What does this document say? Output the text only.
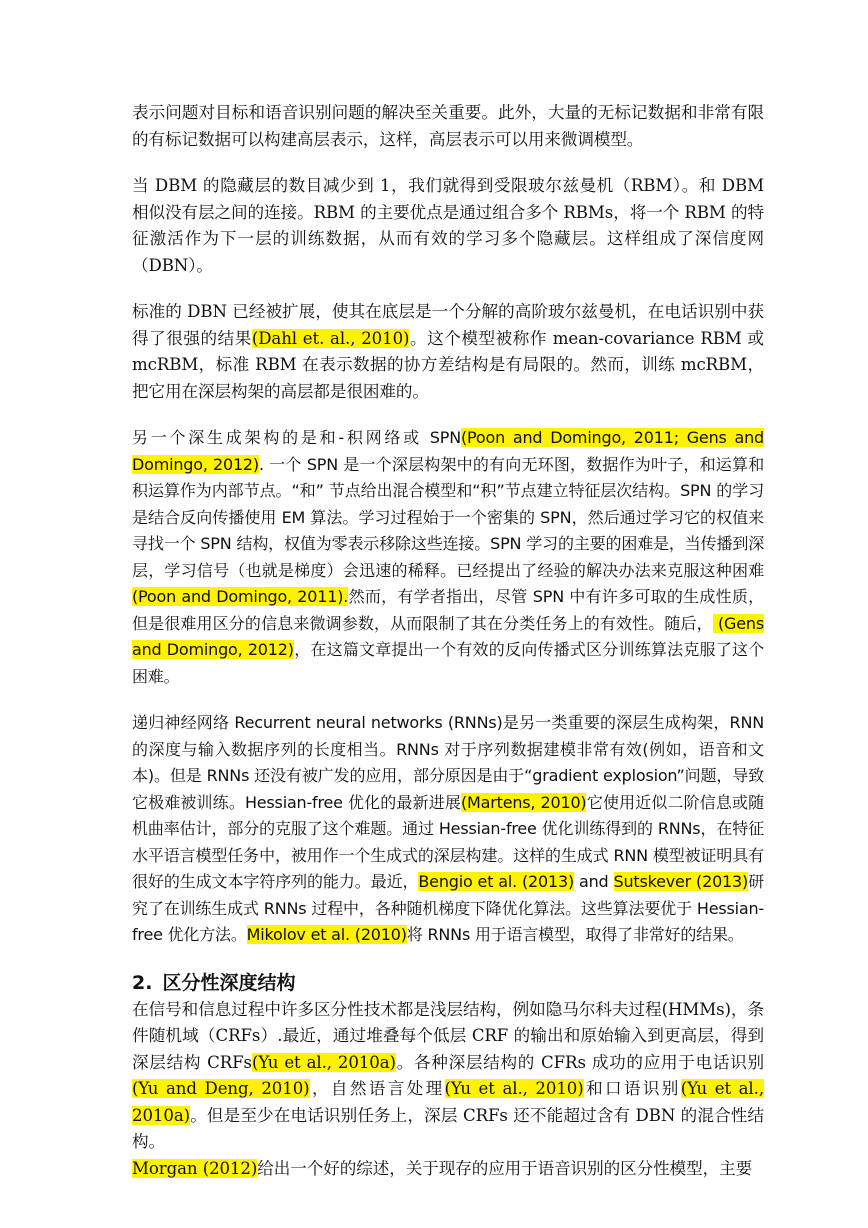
表示问题对目标和语音识别问题的解决至关重要。此外，大量的无标记数据和非常有限的有标记数据可以构建高层表示，这样，高层表示可以用来微调模型。

当 DBM 的隐藏层的数目减少到 1，我们就得到受限玻尔兹曼机（RBM）。和 DBM 相似没有层之间的连接。RBM 的主要优点是通过组合多个 RBMs，将一个 RBM 的特征激活作为下一层的训练数据，从而有效的学习多个隐藏层。这样组成了深信度网（DBN）。

标准的 DBN 已经被扩展，使其在底层是一个分解的高阶玻尔兹曼机，在电话识别中获得了很强的结果(Dahl et. al., 2010)。这个模型被称作 mean-covariance RBM 或 mcRBM，标准 RBM 在表示数据的协方差结构是有局限的。然而，训练 mcRBM，把它用在深层构架的高层都是很困难的。

另一个深生成架构的是和-积网络或 SPN(Poon and Domingo, 2011; Gens and Domingo, 2012). 一个 SPN 是一个深层构架中的有向无环图，数据作为叶子，和运算和积运算作为内部节点。“和” 节点给出混合模型和“积”节点建立特征层次结构。SPN 的学习是结合反向传播使用 EM 算法。学习过程始于一个密集的 SPN，然后通过学习它的权值来寻找一个 SPN 结构，权值为零表示移除这些连接。SPN 学习的主要的困难是，当传播到深层，学习信号（也就是梯度）会迅速的稀释。已经提出了经验的解决办法来克服这种困难(Poon and Domingo, 2011).然而，有学者指出，尽管 SPN 中有许多可取的生成性质，但是很难用区分的信息来微调参数，从而限制了其在分类任务上的有效性。随后， (Gens and Domingo, 2012)，在这篇文章提出一个有效的反向传播式区分训练算法克服了这个困难。

递归神经网络 Recurrent neural networks (RNNs)是另一类重要的深层生成构架，RNN 的深度与输入数据序列的长度相当。RNNs 对于序列数据建模非常有效(例如，语音和文本)。但是 RNNs 还没有被广发的应用，部分原因是由于“gradient explosion”问题，导致它极难被训练。Hessian-free 优化的最新进展(Martens, 2010)它使用近似二阶信息或随机曲率估计，部分的克服了这个难题。通过 Hessian-free 优化训练得到的 RNNs，在特征水平语言模型任务中，被用作一个生成式的深层构建。这样的生成式 RNN 模型被证明具有很好的生成文本字符序列的能力。最近，Bengio et al. (2013) and Sutskever (2013)研究了在训练生成式 RNNs 过程中，各种随机梯度下降优化算法。这些算法要优于 Hessian-free 优化方法。Mikolov et al. (2010)将 RNNs 用于语言模型，取得了非常好的结果。

2. 区分性深度结构

在信号和信息过程中许多区分性技术都是浅层结构，例如隐马尔科夫过程(HMMs)，条件随机域（CRFs）.最近，通过堆叠每个低层 CRF 的输出和原始输入到更高层，得到深层结构 CRFs(Yu et al., 2010a)。各种深层结构的 CFRs 成功的应用于电话识别(Yu and Deng, 2010)，自然语言处理(Yu et al., 2010)和口语识别(Yu et al., 2010a)。但是至少在电话识别任务上，深层 CRFs 还不能超过含有 DBN 的混合性结构。

Morgan (2012)给出一个好的综述，关于现存的应用于语音识别的区分性模型，主要
